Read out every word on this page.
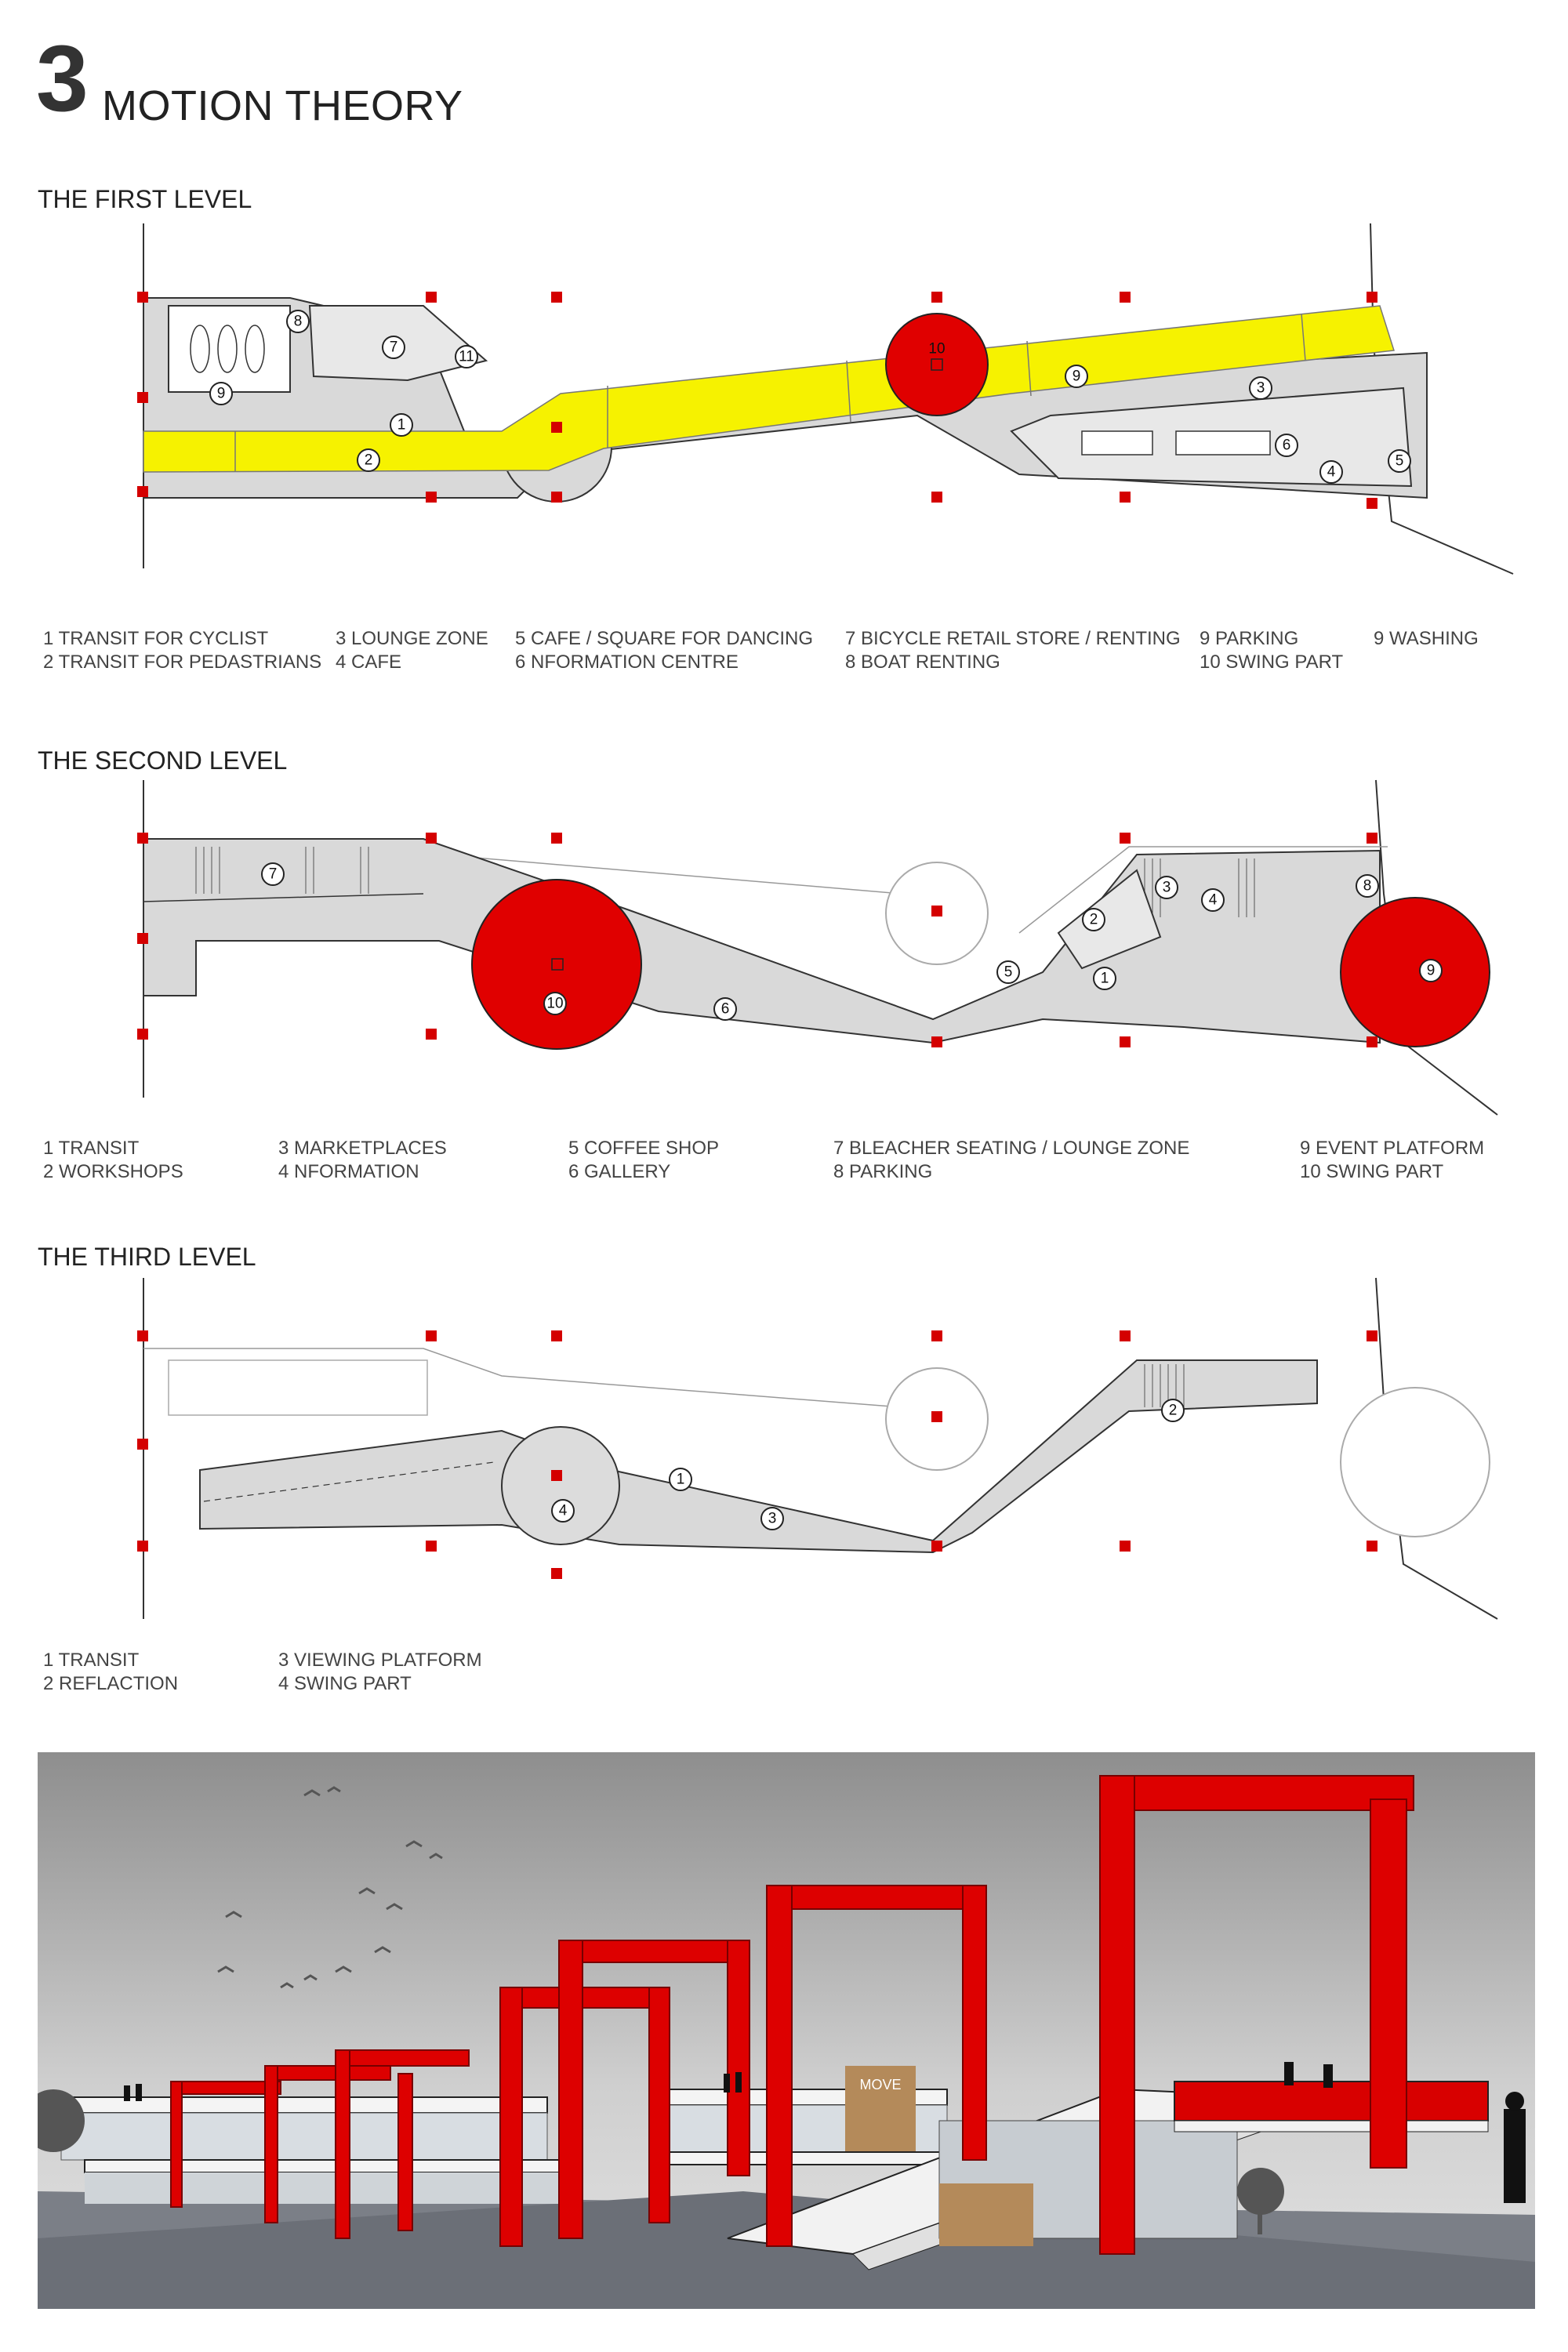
3 MOTION THEORY
THE FIRST LEVEL
1
2
3
4
5
6
7
8
9
9
10
11
1 TRANSIT FOR CYCLIST
2 TRANSIT FOR PEDASTRIANS
3 LOUNGE ZONE
4 CAFE
5 CAFE / SQUARE FOR DANCING
6 NFORMATION CENTRE
7 BICYCLE RETAIL STORE / RENTING
8 BOAT RENTING
9 PARKING
10 SWING PART
9 WASHING
THE SECOND LEVEL
1
2
3
4
5
6
7
8
9
10
1 TRANSIT
2 WORKSHOPS
3 MARKETPLACES
4 NFORMATION
5 COFFEE SHOP
6 GALLERY
7 BLEACHER SEATING / LOUNGE ZONE
8 PARKING
9 EVENT PLATFORM
10 SWING PART
THE THIRD LEVEL
1
2
3
4
1 TRANSIT
2 REFLACTION
3 VIEWING PLATFORM
4 SWING PART
MOVE
